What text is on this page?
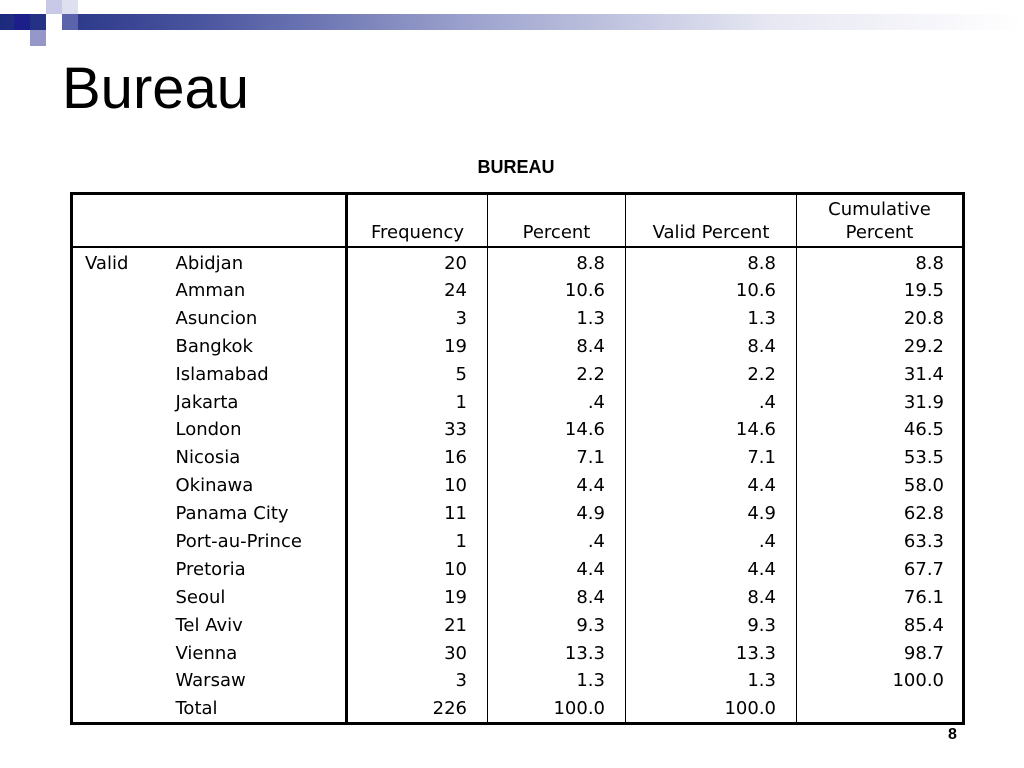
Bureau
BUREAU
		Frequency	Percent	Valid Percent	Cumulative
Percent
Valid	Abidjan	20	8.8	8.8	8.8
	Amman	24	10.6	10.6	19.5
	Asuncion	3	1.3	1.3	20.8
	Bangkok	19	8.4	8.4	29.2
	Islamabad	5	2.2	2.2	31.4
	Jakarta	1	.4	.4	31.9
	London	33	14.6	14.6	46.5
	Nicosia	16	7.1	7.1	53.5
	Okinawa	10	4.4	4.4	58.0
	Panama City	11	4.9	4.9	62.8
	Port-au-Prince	1	.4	.4	63.3
	Pretoria	10	4.4	4.4	67.7
	Seoul	19	8.4	8.4	76.1
	Tel Aviv	21	9.3	9.3	85.4
	Vienna	30	13.3	13.3	98.7
	Warsaw	3	1.3	1.3	100.0
	Total	226	100.0	100.0	
8
